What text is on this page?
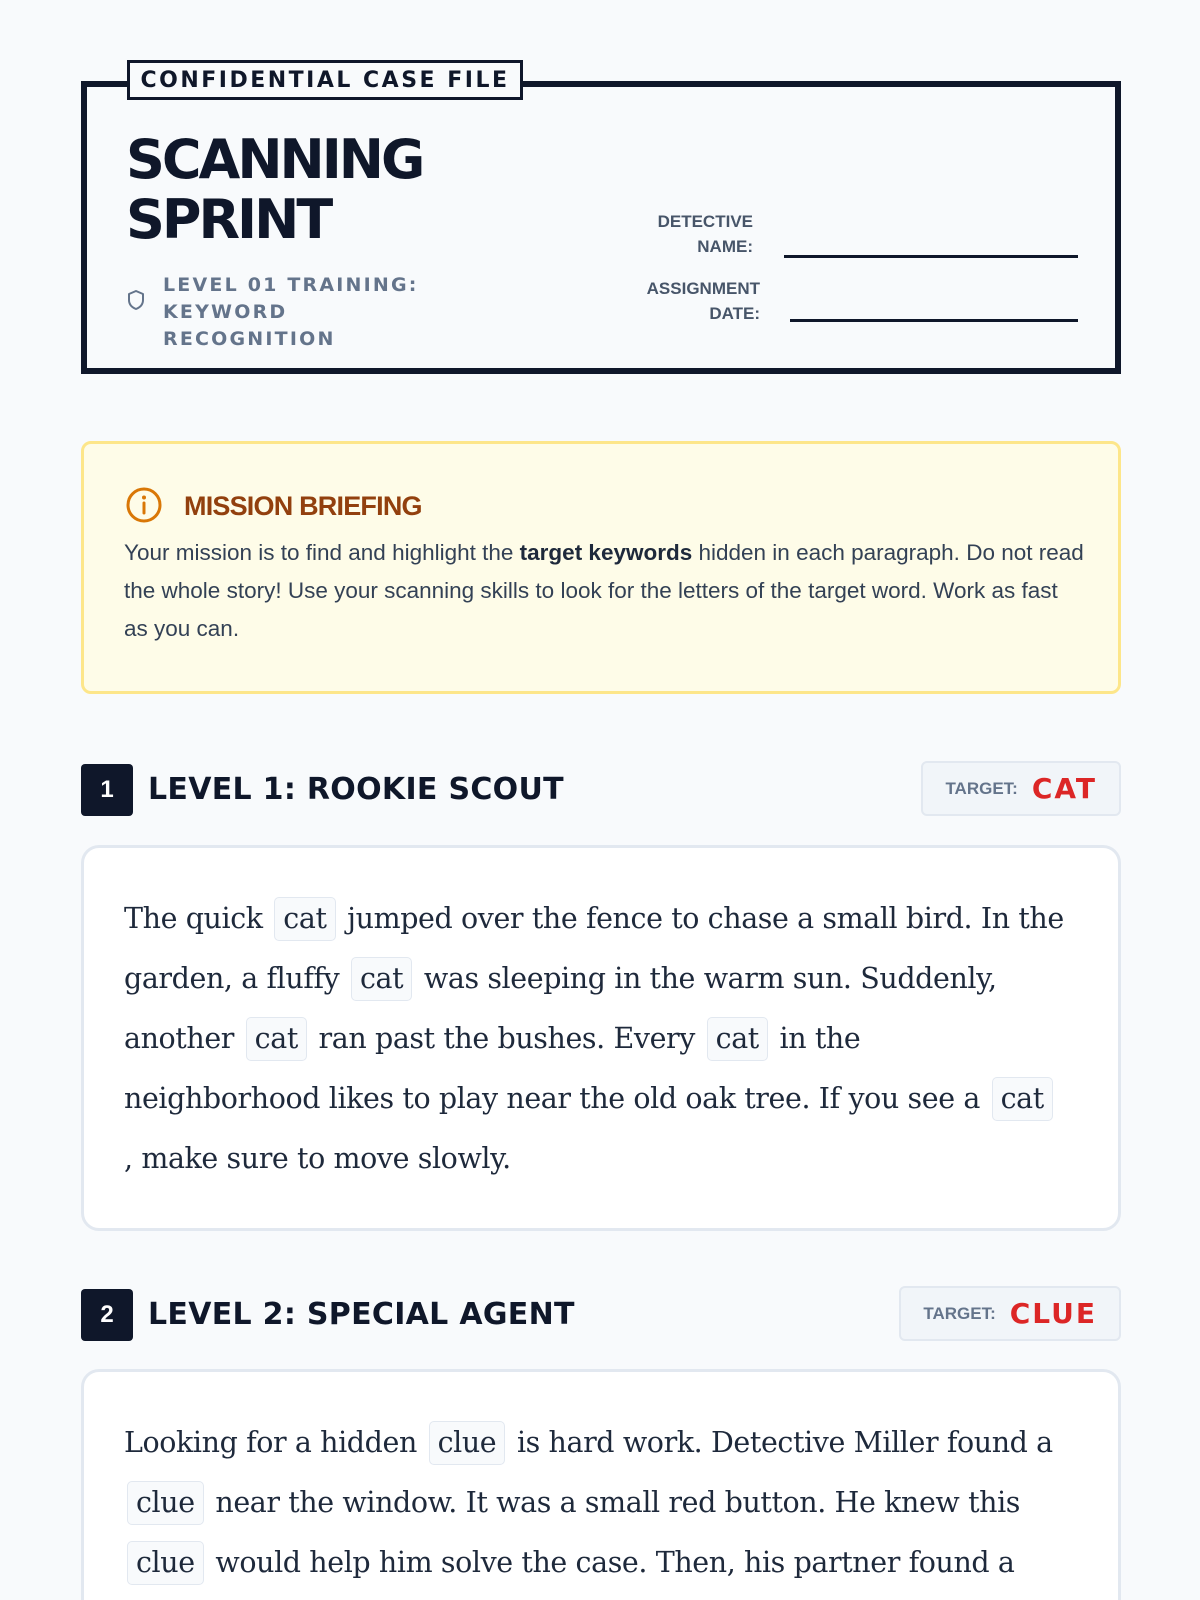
CONFIDENTIAL CASE FILE
SCANNING
SPRINT
LEVEL 01 TRAINING: KEYWORD
RECOGNITION
DETECTIVE
NAME:
ASSIGNMENT
DATE:
MISSION BRIEFING
Your mission is to find and highlight the target keywords hidden in each paragraph. Do not read the whole story! Use your scanning skills to look for the letters of the target word. Work as fast as you can.
1	LEVEL 1: ROOKIE SCOUT	TARGET: CAT
The quick cat jumped over the fence to chase a small bird. In the garden, a fluffy cat was sleeping in the warm sun. Suddenly, another cat ran past the bushes. Every cat in the neighborhood likes to play near the old oak tree. If you see a cat, make sure to move slowly.
2	LEVEL 2: SPECIAL AGENT	TARGET: CLUE
Looking for a hidden clue is hard work. Detective Miller found a clue near the window. It was a small red button. He knew this clue would help him solve the case. Then, his partner found a
